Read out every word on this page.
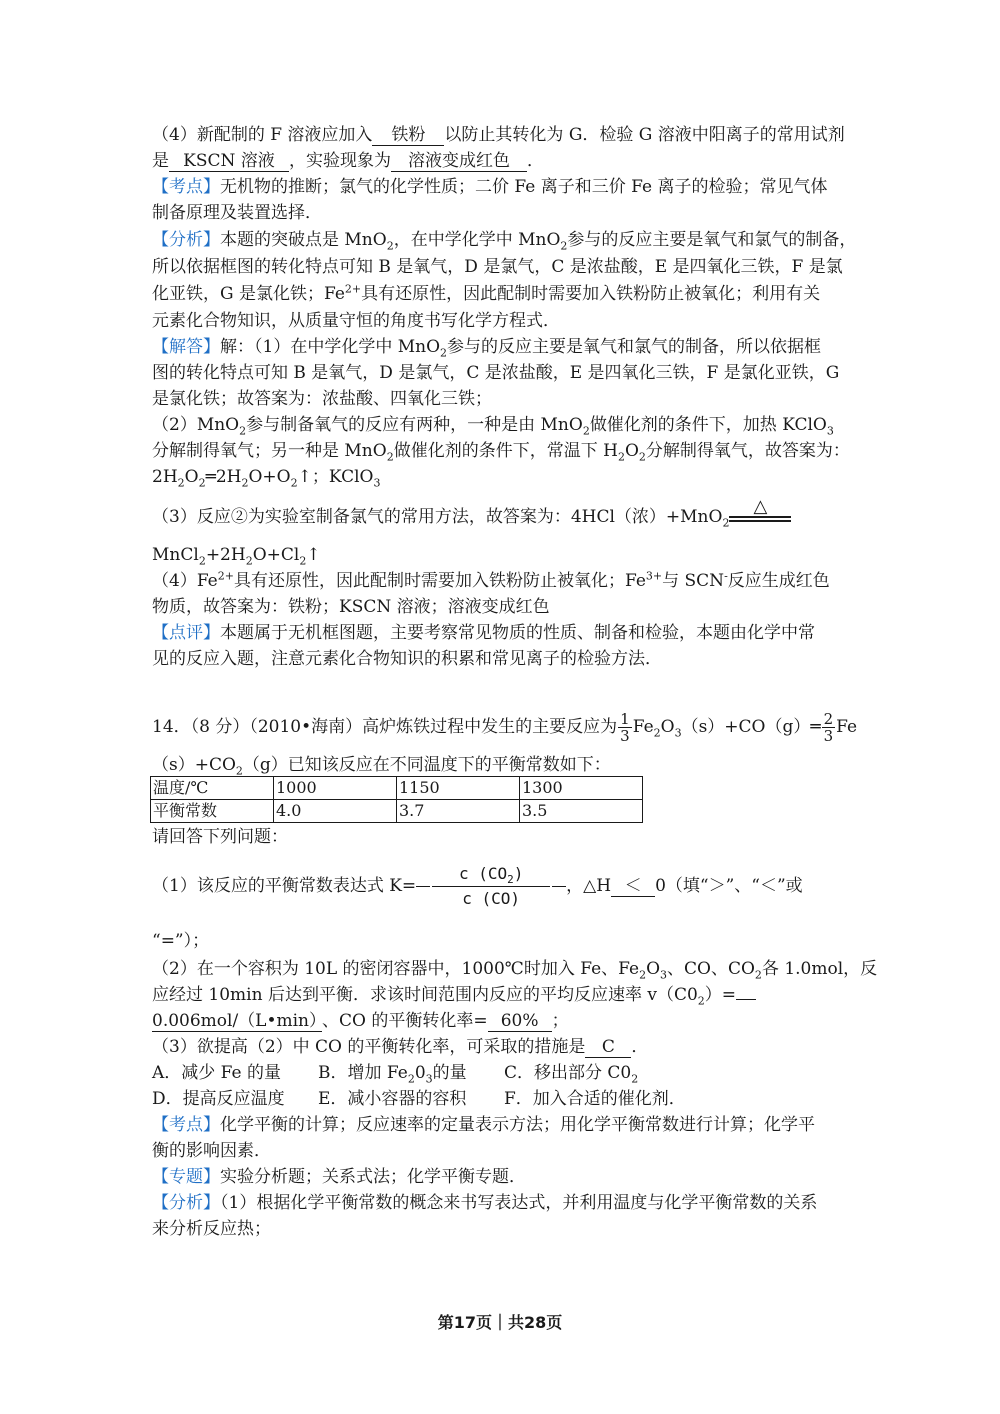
（4）新配制的 F 溶液应加入 铁粉 以防止其转化为 G．检验 G 溶液中阳离子的常用试剂
是 KSCN 溶液 ，实验现象为 溶液变成红色 ．
【考点】无机物的推断；氯气的化学性质；二价 Fe 离子和三价 Fe 离子的检验；常见气体
制备原理及装置选择．
【分析】本题的突破点是 MnO$_2$，在中学化学中 MnO$_2$参与的反应主要是氧气和氯气的制备，
所以依据框图的转化特点可知 B 是氧气，D 是氯气，C 是浓盐酸，E 是四氧化三铁，F 是氯
化亚铁，G 是氯化铁；$Fe^{2+}$具有还原性，因此配制时需要加入铁粉防止被氧化；利用有关
元素化合物知识，从质量守恒的角度书写化学方程式．
【解答】解：（1）在中学化学中 MnO$_2$参与的反应主要是氧气和氯气的制备，所以依据框
图的转化特点可知 B 是氧气，D 是氯气，C 是浓盐酸，E 是四氧化三铁，F 是氯化亚铁，G
是氯化铁；故答案为：浓盐酸、四氧化三铁；
（2）MnO$_2$参与制备氧气的反应有两种，一种是由 MnO$_2$做催化剂的条件下，加热 KClO$_3$
分解制得氧气；另一种是 MnO$_2$做催化剂的条件下，常温下 $H_2O_2$分解制得氧气，故答案为：
$2H_2O_2═2H_2O+O_2↑$；KClO$_3$
（3）反应②为实验室制备氯气的常用方法，故答案为：4HCl（浓）+MnO$_2$
△
$MnCl_2+2H_2O+Cl_2↑$
$(4)Fe^{2+}$具有还原性，因此配制时需要加入铁粉防止被氧化；$Fe^{3+}$与 SCN-反应生成红色
物质，故答案为：铁粉；KSCN 溶液；溶液变成红色
【点评】本题属于无机框图题，主要考察常见物质的性质、制备和检验，本题由化学中常
见的反应入题，注意元素化合物知识的积累和常见离子的检验方法．
14．（8 分）（2010•海南）高炉炼铁过程中发生的主要反应为 $\frac{1}{3}$ $Fe_2O_3(s)+CO(g)═ \frac{2}{3}$ Fe
$(s)+CO_2(g)$已知该反应在不同温度下的平衡常数如下：
温度/℃	1000	1150	1300
平衡常数	4.0	3.7	3.5
请回答下列问题：
（1）该反应的平衡常数表达式 $K= \frac{c (CO_2)}{c (CO)}$ ，△H ＜ 0（填“＞”、“＜”或
“=”）；
（2）在一个容积为 10L 的密闭容器中，1000℃时加入 Fe、$Fe_2O_3$、CO、$CO_2$各 1.0mol，反
应经过 10min 后达到平衡．求该时间范围内反应的平均反应速率 $v(C0_2)=$
0.006mol/（L•min）、CO 的平衡转化率= 60% ；
（3）欲提高（2）中 CO 的平衡转化率，可采取的措施是 C ．
A．减少 Fe 的量 B．增加 $Fe_20_3$的量 C．移出部分 $C0_2$
D．提高反应温度 E．减小容器的容积 F．加入合适的催化剂．
【考点】化学平衡的计算；反应速率的定量表示方法；用化学平衡常数进行计算；化学平
衡的影响因素．
【专题】实验分析题；关系式法；化学平衡专题．
【分析】（1）根据化学平衡常数的概念来书写表达式，并利用温度与化学平衡常数的关系
来分析反应热；
第17页｜共28页
